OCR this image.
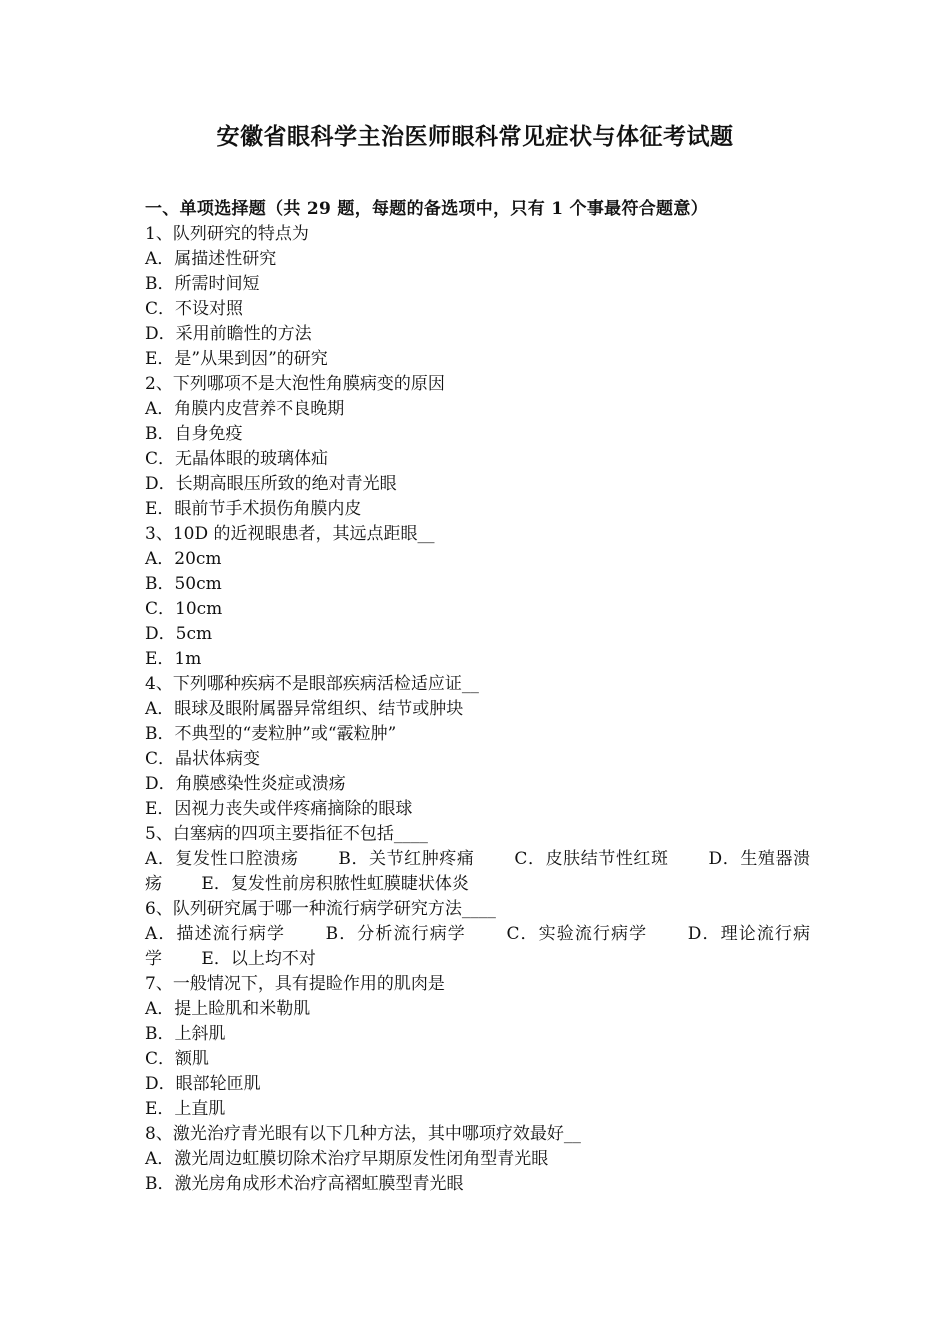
安徽省眼科学主治医师眼科常见症状与体征考试题
一、单项选择题（共 29 题，每题的备选项中，只有 1 个事最符合题意）
1、队列研究的特点为
A．属描述性研究
B．所需时间短
C．不设对照
D．采用前瞻性的方法
E．是”从果到因”的研究
2、下列哪项不是大泡性角膜病变的原因
A．角膜内皮营养不良晚期
B．自身免疫
C．无晶体眼的玻璃体疝
D．长期高眼压所致的绝对青光眼
E．眼前节手术损伤角膜内皮
3、10D 的近视眼患者，其远点距眼__
A．20cm
B．50cm
C．10cm
D．5cm
E．1m
4、下列哪种疾病不是眼部疾病活检适应证__
A．眼球及眼附属器异常组织、结节或肿块
B．不典型的“麦粒肿”或“霰粒肿”
C．晶状体病变
D．角膜感染性炎症或溃疡
E．因视力丧失或伴疼痛摘除的眼球
5、白塞病的四项主要指征不包括____
A．复发性口腔溃疡 B．关节红肿疼痛 C．皮肤结节性红斑 D．生殖器溃疡 E．复发性前房积脓性虹膜睫状体炎
6、队列研究属于哪一种流行病学研究方法____
A．描述流行病学 B．分析流行病学 C．实验流行病学 D．理论流行病学 E．以上均不对
7、一般情况下，具有提睑作用的肌肉是
A．提上睑肌和米勒肌
B．上斜肌
C．额肌
D．眼部轮匝肌
E．上直肌
8、激光治疗青光眼有以下几种方法，其中哪项疗效最好__
A．激光周边虹膜切除术治疗早期原发性闭角型青光眼
B．激光房角成形术治疗高褶虹膜型青光眼
